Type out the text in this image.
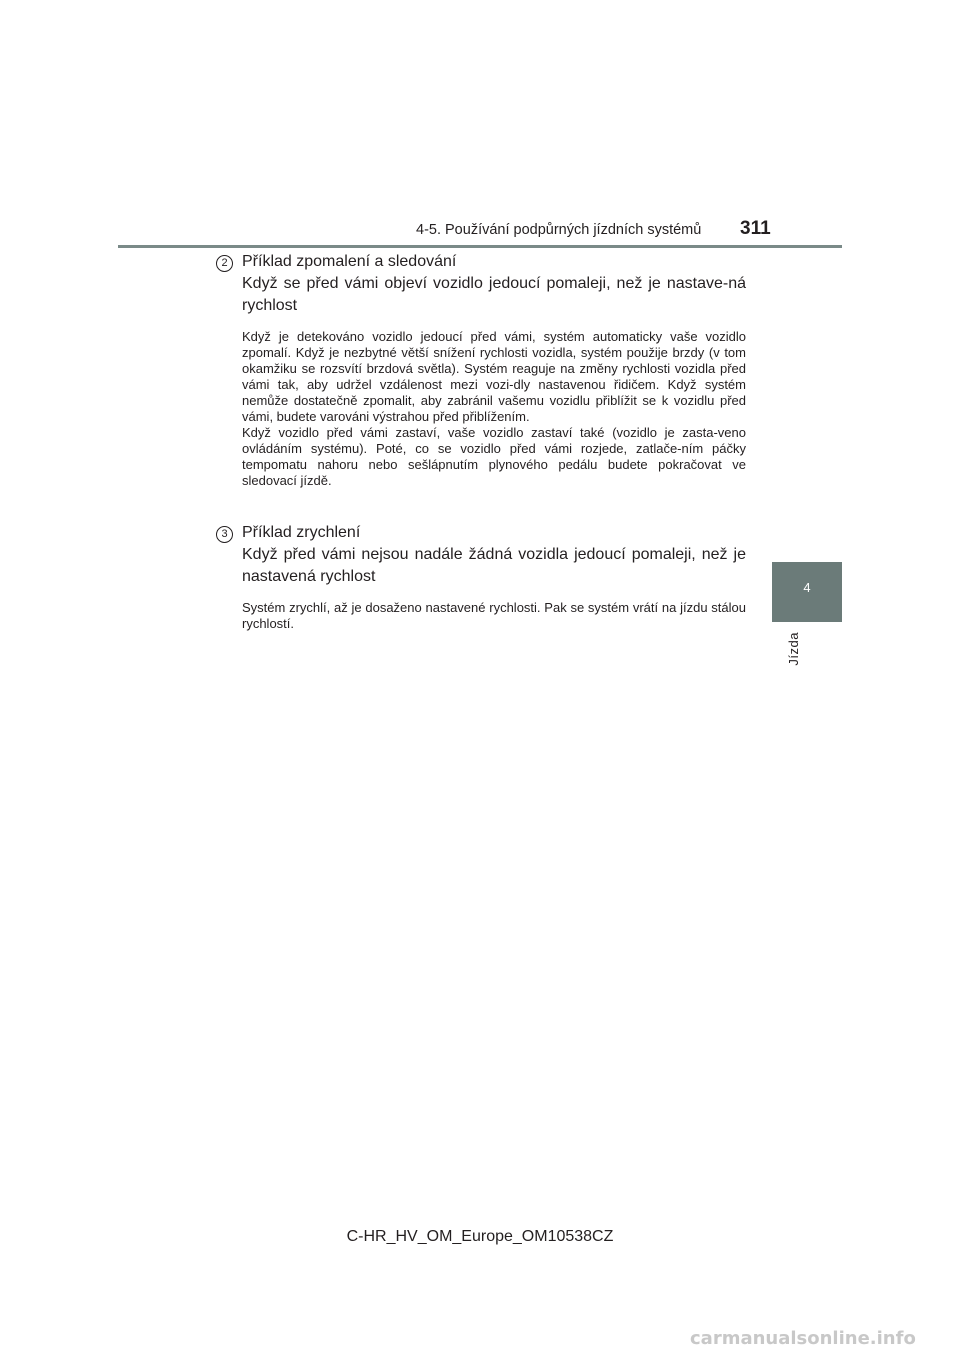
4-5. Používání podpůrných jízdních systémů 311
4
Jízda
2 Příklad zpomalení a sledování
Když se před vámi objeví vozidlo jedoucí pomaleji, než je nastave-ná rychlost

Když je detekováno vozidlo jedoucí před vámi, systém automaticky vaše vozidlo zpomalí. Když je nezbytné větší snížení rychlosti vozidla, systém použije brzdy (v tom okamžiku se rozsvítí brzdová světla). Systém reaguje na změny rychlosti vozidla před vámi tak, aby udržel vzdálenost mezi vozi-dly nastavenou řidičem. Když systém nemůže dostatečně zpomalit, aby zabránil vašemu vozidlu přiblížit se k vozidlu před vámi, budete varováni výstrahou před přiblížením.

Když vozidlo před vámi zastaví, vaše vozidlo zastaví také (vozidlo je zasta-veno ovládáním systému). Poté, co se vozidlo před vámi rozjede, zatlače-ním páčky tempomatu nahoru nebo sešlápnutím plynového pedálu budete pokračovat ve sledovací jízdě.

3 Příklad zrychlení
Když před vámi nejsou nadále žádná vozidla jedoucí pomaleji, než je nastavená rychlost

Systém zrychlí, až je dosaženo nastavené rychlosti. Pak se systém vrátí na jízdu stálou rychlostí.

C-HR_HV_OM_Europe_OM10538CZ
carmanualsonline.info
